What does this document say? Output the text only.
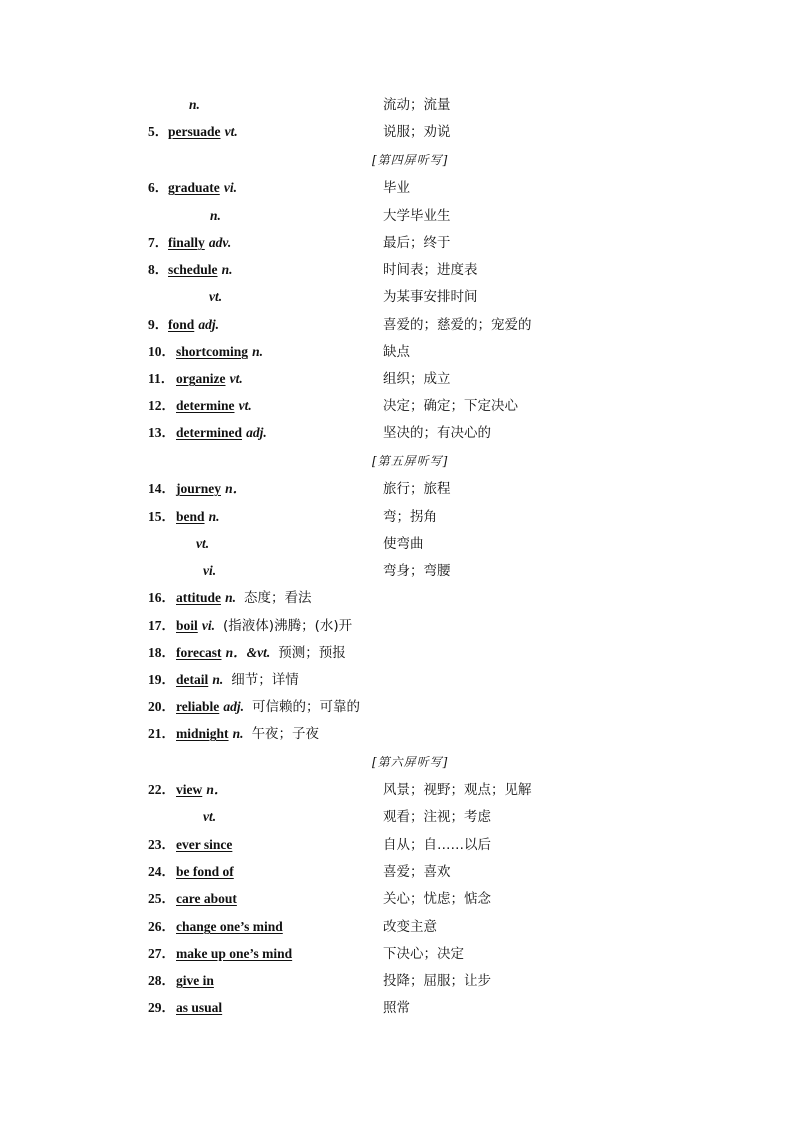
n.	流动；流量
5． persuade vt.	说服；劝说
[第四屏听写]
6． graduate vi.	毕业
n.	大学毕业生
7． finally adv.	最后；终于
8． schedule n.	时间表；进度表
vt.	为某事安排时间
9． fond adj.	喜爱的；慈爱的；宠爱的
10． shortcoming n.	缺点
11． organize vt.	组织；成立
12． determine vt.	决定；确定；下定决心
13． determined adj.	坚决的；有决心的
[第五屏听写]
14． journey n．	旅行；旅程
15． bend n.	弯；拐角
vt.	使弯曲
vi.	弯身；弯腰
16． attitude n. 态度；看法
17． boil vi. (指液体)沸腾；(水)开
18． forecast n．&vt. 预测；预报
19． detail n. 细节；详情
20． reliable adj. 可信赖的；可靠的
21． midnight n. 午夜；子夜
[第六屏听写]
22． view n．	风景；视野；观点；见解
vt.	观看；注视；考虑
23． ever since	自从；自……以后
24． be fond of	喜爱；喜欢
25． care about	关心；忧虑；惦念
26． change one’s mind	改变主意
27． make up one’s mind	下决心；决定
28． give in	投降；屈服；让步
29． as usual	照常
